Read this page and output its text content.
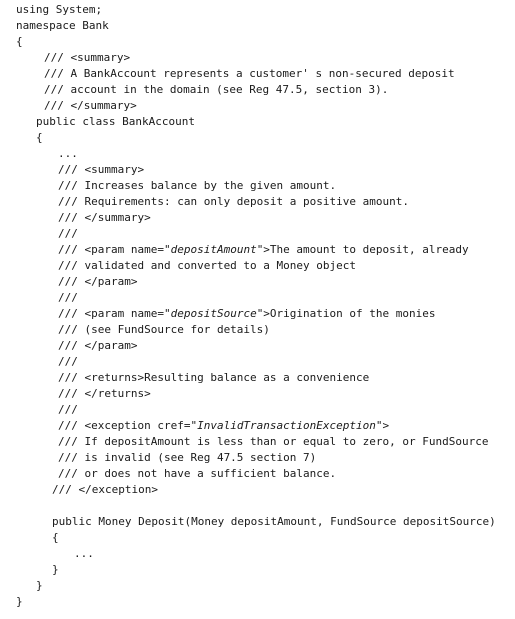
using System;
namespace Bank
{
/// <summary>
/// A BankAccount represents a customer' s non-secured deposit
/// account in the domain (see Reg 47.5, section 3).
/// </summary>
public class BankAccount
{
...
/// <summary>
/// Increases balance by the given amount.
/// Requirements: can only deposit a positive amount.
/// </summary>
///
/// <param name="depositAmount">The amount to deposit, already
/// validated and converted to a Money object
/// </param>
///
/// <param name="depositSource">Origination of the monies
/// (see FundSource for details)
/// </param>
///
/// <returns>Resulting balance as a convenience
/// </returns>
///
/// <exception cref="InvalidTransactionException">
/// If depositAmount is less than or equal to zero, or FundSource
/// is invalid (see Reg 47.5 section 7)
/// or does not have a sufficient balance.
/// </exception>
public Money Deposit(Money depositAmount, FundSource depositSource)
{
...
}
}
}
